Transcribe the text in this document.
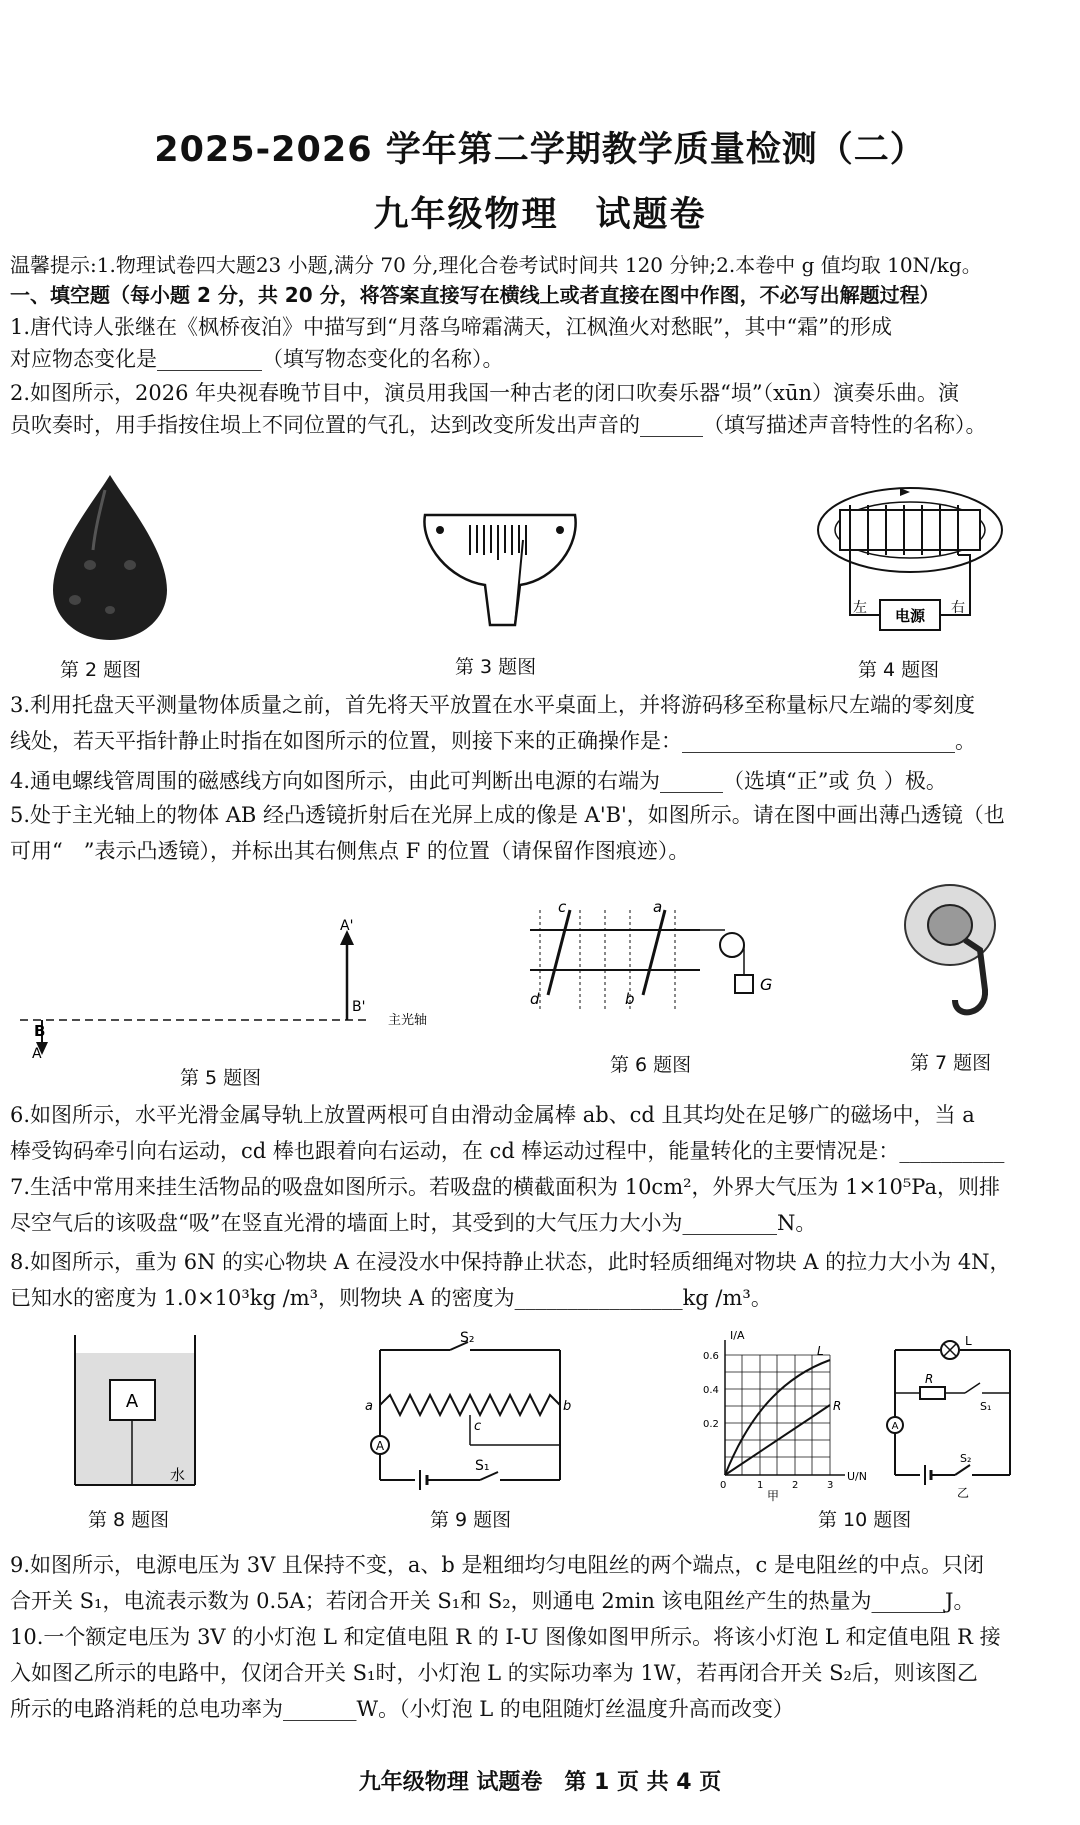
2025-2026 学年第二学期教学质量检测（二）
九年级物理　试题卷
温馨提示:1.物理试卷四大题23 小题,满分 70 分,理化合卷考试时间共 120 分钟;2.本卷中 g 值均取 10N/kg。
一、填空题（每小题 2 分，共 20 分，将答案直接写在横线上或者直接在图中作图，不必写出解题过程）
1.唐代诗人张继在《枫桥夜泊》中描写到“月落乌啼霜满天，江枫渔火对愁眠”，其中“霜”的形成
对应物态变化是__________（填写物态变化的名称）。
2.如图所示，2026 年央视春晚节目中，演员用我国一种古老的闭口吹奏乐器“埙”（xūn）演奏乐曲。演
员吹奏时，用手指按住埙上不同位置的气孔，达到改变所发出声音的______（填写描述声音特性的名称）。
第 2 题图	第 3 题图
电源
左	右
第 4 题图
3.利用托盘天平测量物体质量之前，首先将天平放置在水平桌面上，并将游码移至称量标尺左端的零刻度
线处，若天平指针静止时指在如图所示的位置，则接下来的正确操作是：__________________________。
4.通电螺线管周围的磁感线方向如图所示，由此可判断出电源的右端为______（选填“正”或 负 ）极。
5.处于主光轴上的物体 AB 经凸透镜折射后在光屏上成的像是 A'B'，如图所示。请在图中画出薄凸透镜（也
可用“　”表示凸透镜），并标出其右侧焦点 F 的位置（请保留作图痕迹）。
A'
B'
主光轴
B
A
第 5 题图
c	a
d	b
G
第 6 题图	第 7 题图
6.如图所示，水平光滑金属导轨上放置两根可自由滑动金属棒 ab、cd 且其均处在足够广的磁场中，当 a
棒受钩码牵引向右运动，cd 棒也跟着向右运动，在 cd 棒运动过程中，能量转化的主要情况是：__________
7.生活中常用来挂生活物品的吸盘如图所示。若吸盘的横截面积为 10cm²，外界大气压为 1×10⁵Pa，则排
尽空气后的该吸盘“吸”在竖直光滑的墙面上时，其受到的大气压力大小为_________N。
8.如图所示，重为 6N 的实心物块 A 在浸没水中保持静止状态，此时轻质细绳对物块 A 的拉力大小为 4N，
已知水的密度为 1.0×10³kg /m³，则物块 A 的密度为________________kg /m³。
A
水
第 8 题图
S₂
a	b
c
S₁
A
第 9 题图
I/A
U/N
0.6
0.4
0.2
0	1	2	3
L
R
甲
L
R
S₁
S₂
A
乙
第 10 题图
9.如图所示，电源电压为 3V 且保持不变，a、b 是粗细均匀电阻丝的两个端点，c 是电阻丝的中点。只闭
合开关 S₁，电流表示数为 0.5A；若闭合开关 S₁和 S₂，则通电 2min 该电阻丝产生的热量为_______J。
10.一个额定电压为 3V 的小灯泡 L 和定值电阻 R 的 I-U 图像如图甲所示。将该小灯泡 L 和定值电阻 R 接
入如图乙所示的电路中，仅闭合开关 S₁时，小灯泡 L 的实际功率为 1W，若再闭合开关 S₂后，则该图乙
所示的电路消耗的总电功率为_______W。（小灯泡 L 的电阻随灯丝温度升高而改变）
九年级物理 试题卷　第 1 页 共 4 页
